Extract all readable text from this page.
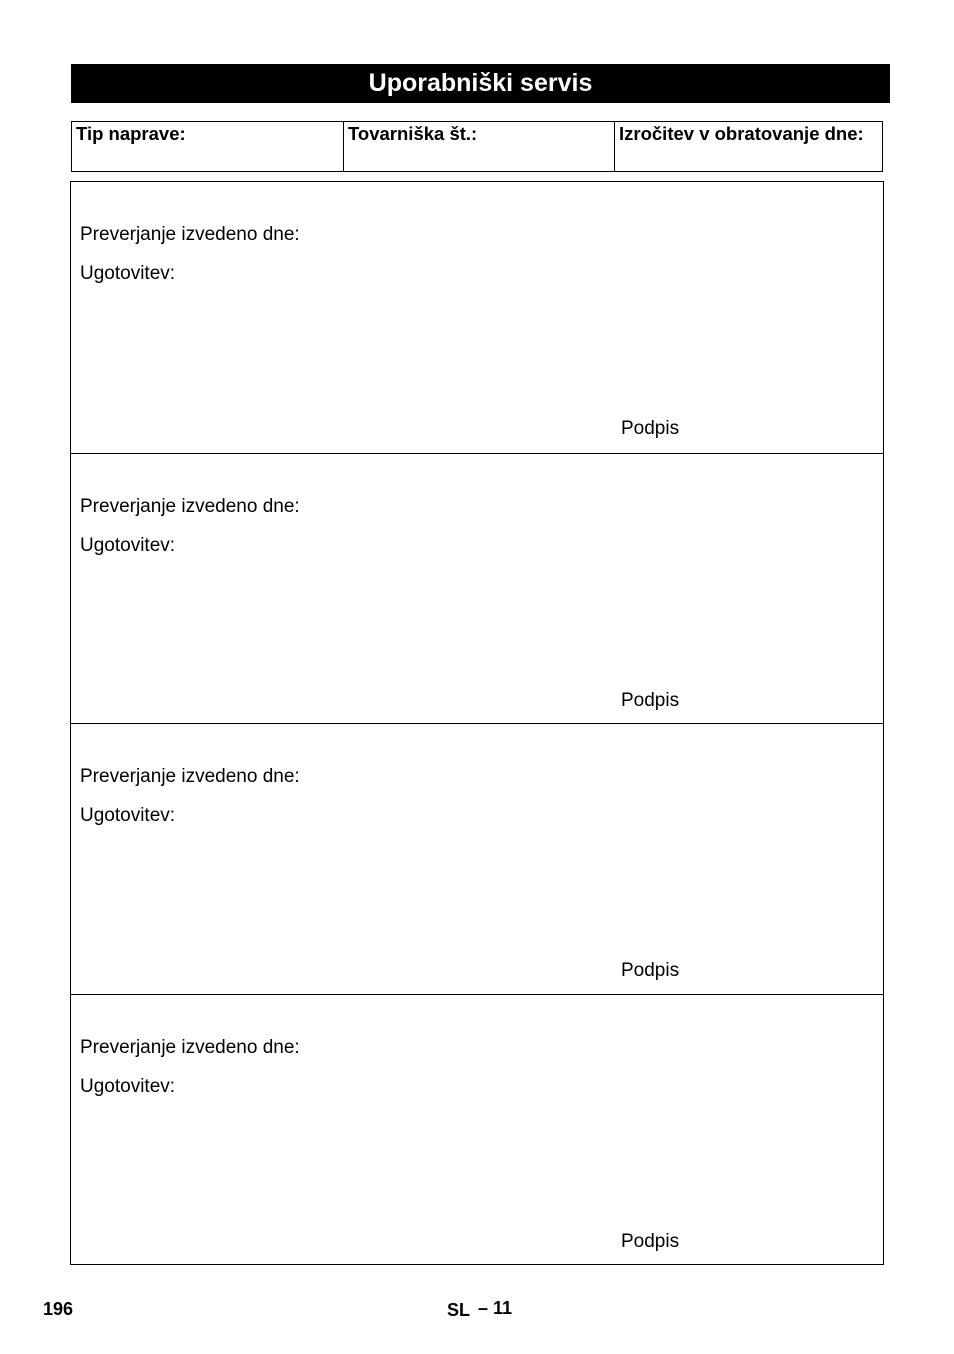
Uporabniški servis
Tip naprave:	Tovarniška št.:	Izročitev v obratovanje dne:
Preverjanje izvedeno dne:
Ugotovitev:
Podpis
Preverjanje izvedeno dne:
Ugotovitev:
Podpis
Preverjanje izvedeno dne:
Ugotovitev:
Podpis
Preverjanje izvedeno dne:
Ugotovitev:
Podpis
196	SL – 11
